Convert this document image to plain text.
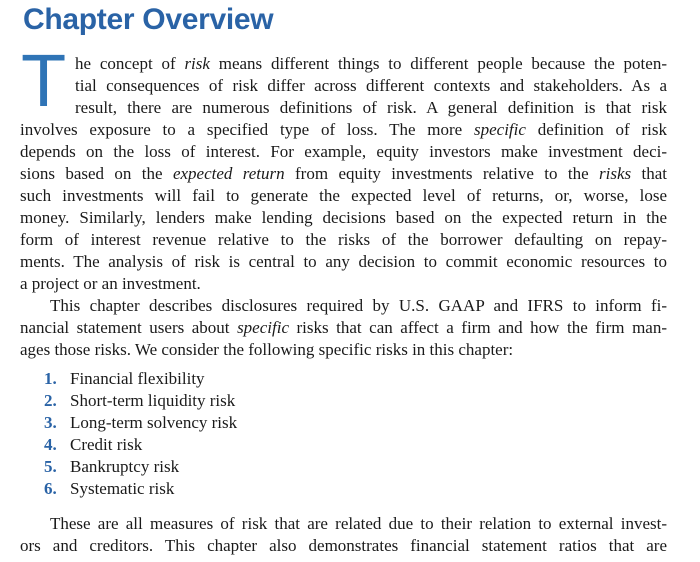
Chapter Overview
T he concept of risk means different things to different people because the poten-
tial consequences of risk differ across different contexts and stakeholders. As a
result, there are numerous definitions of risk. A general definition is that risk
involves exposure to a specified type of loss. The more specific definition of risk
depends on the loss of interest. For example, equity investors make investment deci-
sions based on the expected return from equity investments relative to the risks that
such investments will fail to generate the expected level of returns, or, worse, lose
money. Similarly, lenders make lending decisions based on the expected return in the
form of interest revenue relative to the risks of the borrower defaulting on repay-
ments. The analysis of risk is central to any decision to commit economic resources to
a project or an investment.
This chapter describes disclosures required by U.S. GAAP and IFRS to inform fi-
nancial statement users about specific risks that can affect a firm and how the firm man-
ages those risks. We consider the following specific risks in this chapter:
1. Financial flexibility
2. Short-term liquidity risk
3. Long-term solvency risk
4. Credit risk
5. Bankruptcy risk
6. Systematic risk
These are all measures of risk that are related due to their relation to external invest-
ors and creditors. This chapter also demonstrates financial statement ratios that are
